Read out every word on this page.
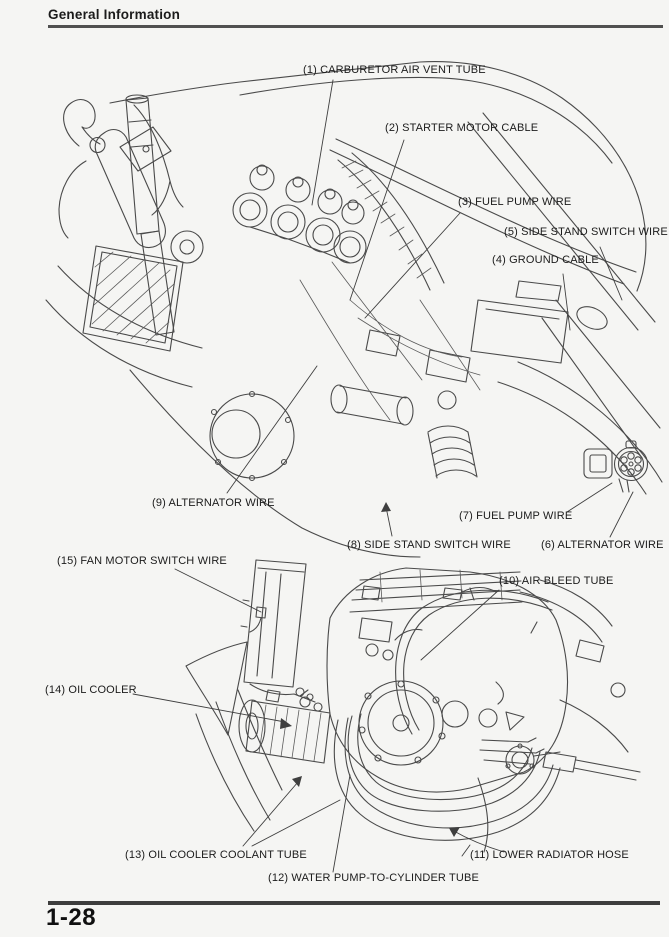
General Information
(1) CARBURETOR AIR VENT TUBE
(2) STARTER MOTOR CABLE
(3) FUEL PUMP WIRE
(5) SIDE STAND SWITCH WIRE
(4) GROUND CABLE
(9) ALTERNATOR WIRE
(7) FUEL PUMP WIRE
(8) SIDE STAND SWITCH WIRE	(6) ALTERNATOR WIRE
(15) FAN MOTOR SWITCH WIRE
(10) AIR BLEED TUBE
(14) OIL COOLER
(13) OIL COOLER COOLANT TUBE
(12) WATER PUMP-TO-CYLINDER TUBE
(11) LOWER RADIATOR HOSE
1-28
